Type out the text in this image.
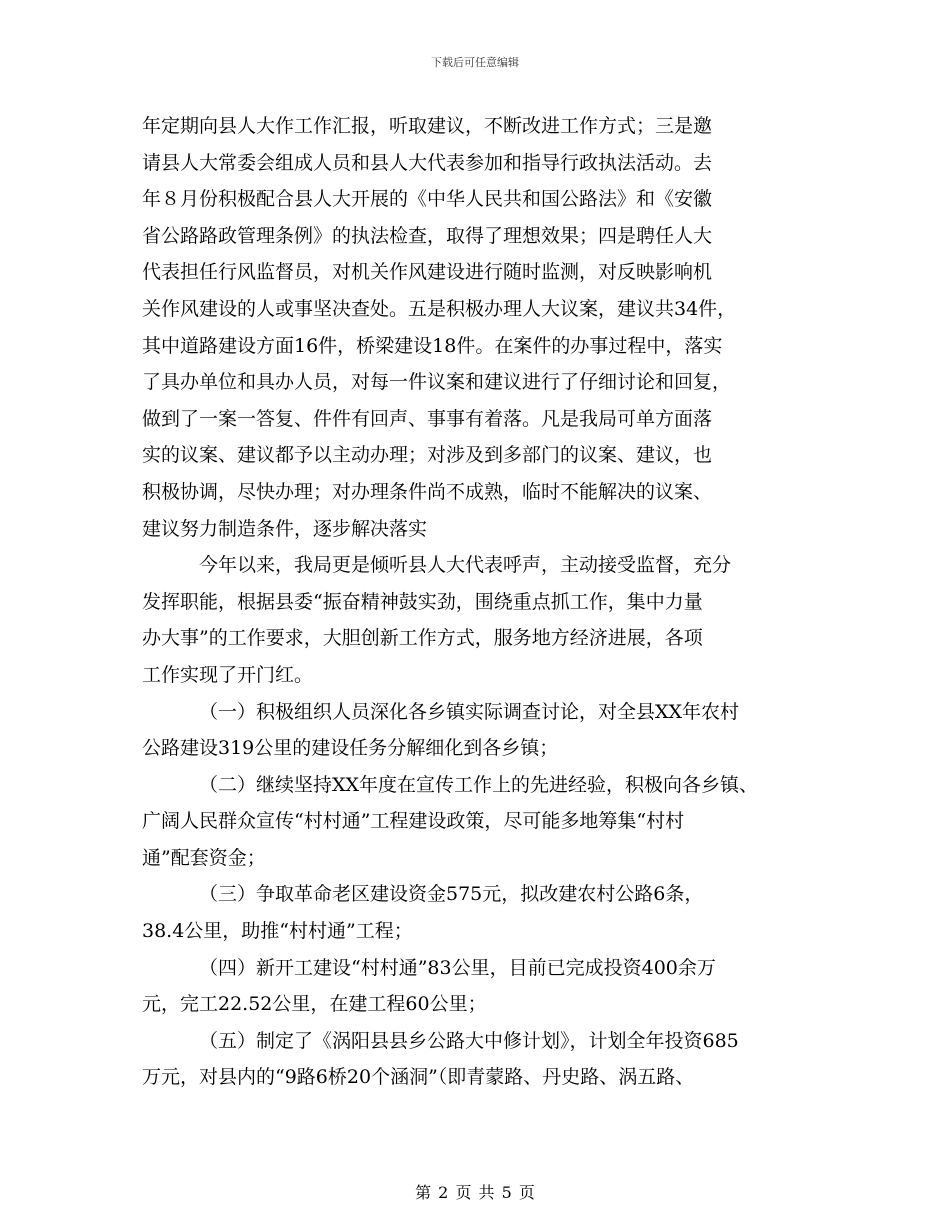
下载后可任意编辑
年定期向县人大作工作汇报，听取建议，不断改进工作方式；三是邀
请县人大常委会组成人员和县人大代表参加和指导行政执法活动。去
年８月份积极配合县人大开展的《中华人民共和国公路法》和《安徽
省公路路政管理条例》的执法检查，取得了理想效果；四是聘任人大
代表担任行风监督员，对机关作风建设进行随时监测，对反映影响机
关作风建设的人或事坚决查处。五是积极办理人大议案，建议共34件，
其中道路建设方面16件，桥梁建设18件。在案件的办事过程中，落实
了具办单位和具办人员，对每一件议案和建议进行了仔细讨论和回复，
做到了一案一答复、件件有回声、事事有着落。凡是我局可单方面落
实的议案、建议都予以主动办理；对涉及到多部门的议案、建议，也
积极协调，尽快办理；对办理条件尚不成熟，临时不能解决的议案、
建议努力制造条件，逐步解决落实
今年以来，我局更是倾听县人大代表呼声，主动接受监督，充分
发挥职能，根据县委“振奋精神鼓实劲，围绕重点抓工作，集中力量
办大事”的工作要求，大胆创新工作方式，服务地方经济进展，各项
工作实现了开门红。
（一）积极组织人员深化各乡镇实际调查讨论，对全县XX年农村
公路建设319公里的建设任务分解细化到各乡镇；
（二）继续坚持XX年度在宣传工作上的先进经验，积极向各乡镇、
广阔人民群众宣传“村村通”工程建设政策，尽可能多地筹集“村村
通”配套资金；
（三）争取革命老区建设资金575元，拟改建农村公路6条，
38.4公里，助推“村村通”工程；
（四）新开工建设“村村通”83公里，目前已完成投资400余万
元，完工22.52公里，在建工程60公里；
（五）制定了《涡阳县县乡公路大中修计划》，计划全年投资685
万元，对县内的“9路6桥20个涵洞”（即青蒙路、丹史路、涡五路、
第 2 页 共 5 页
